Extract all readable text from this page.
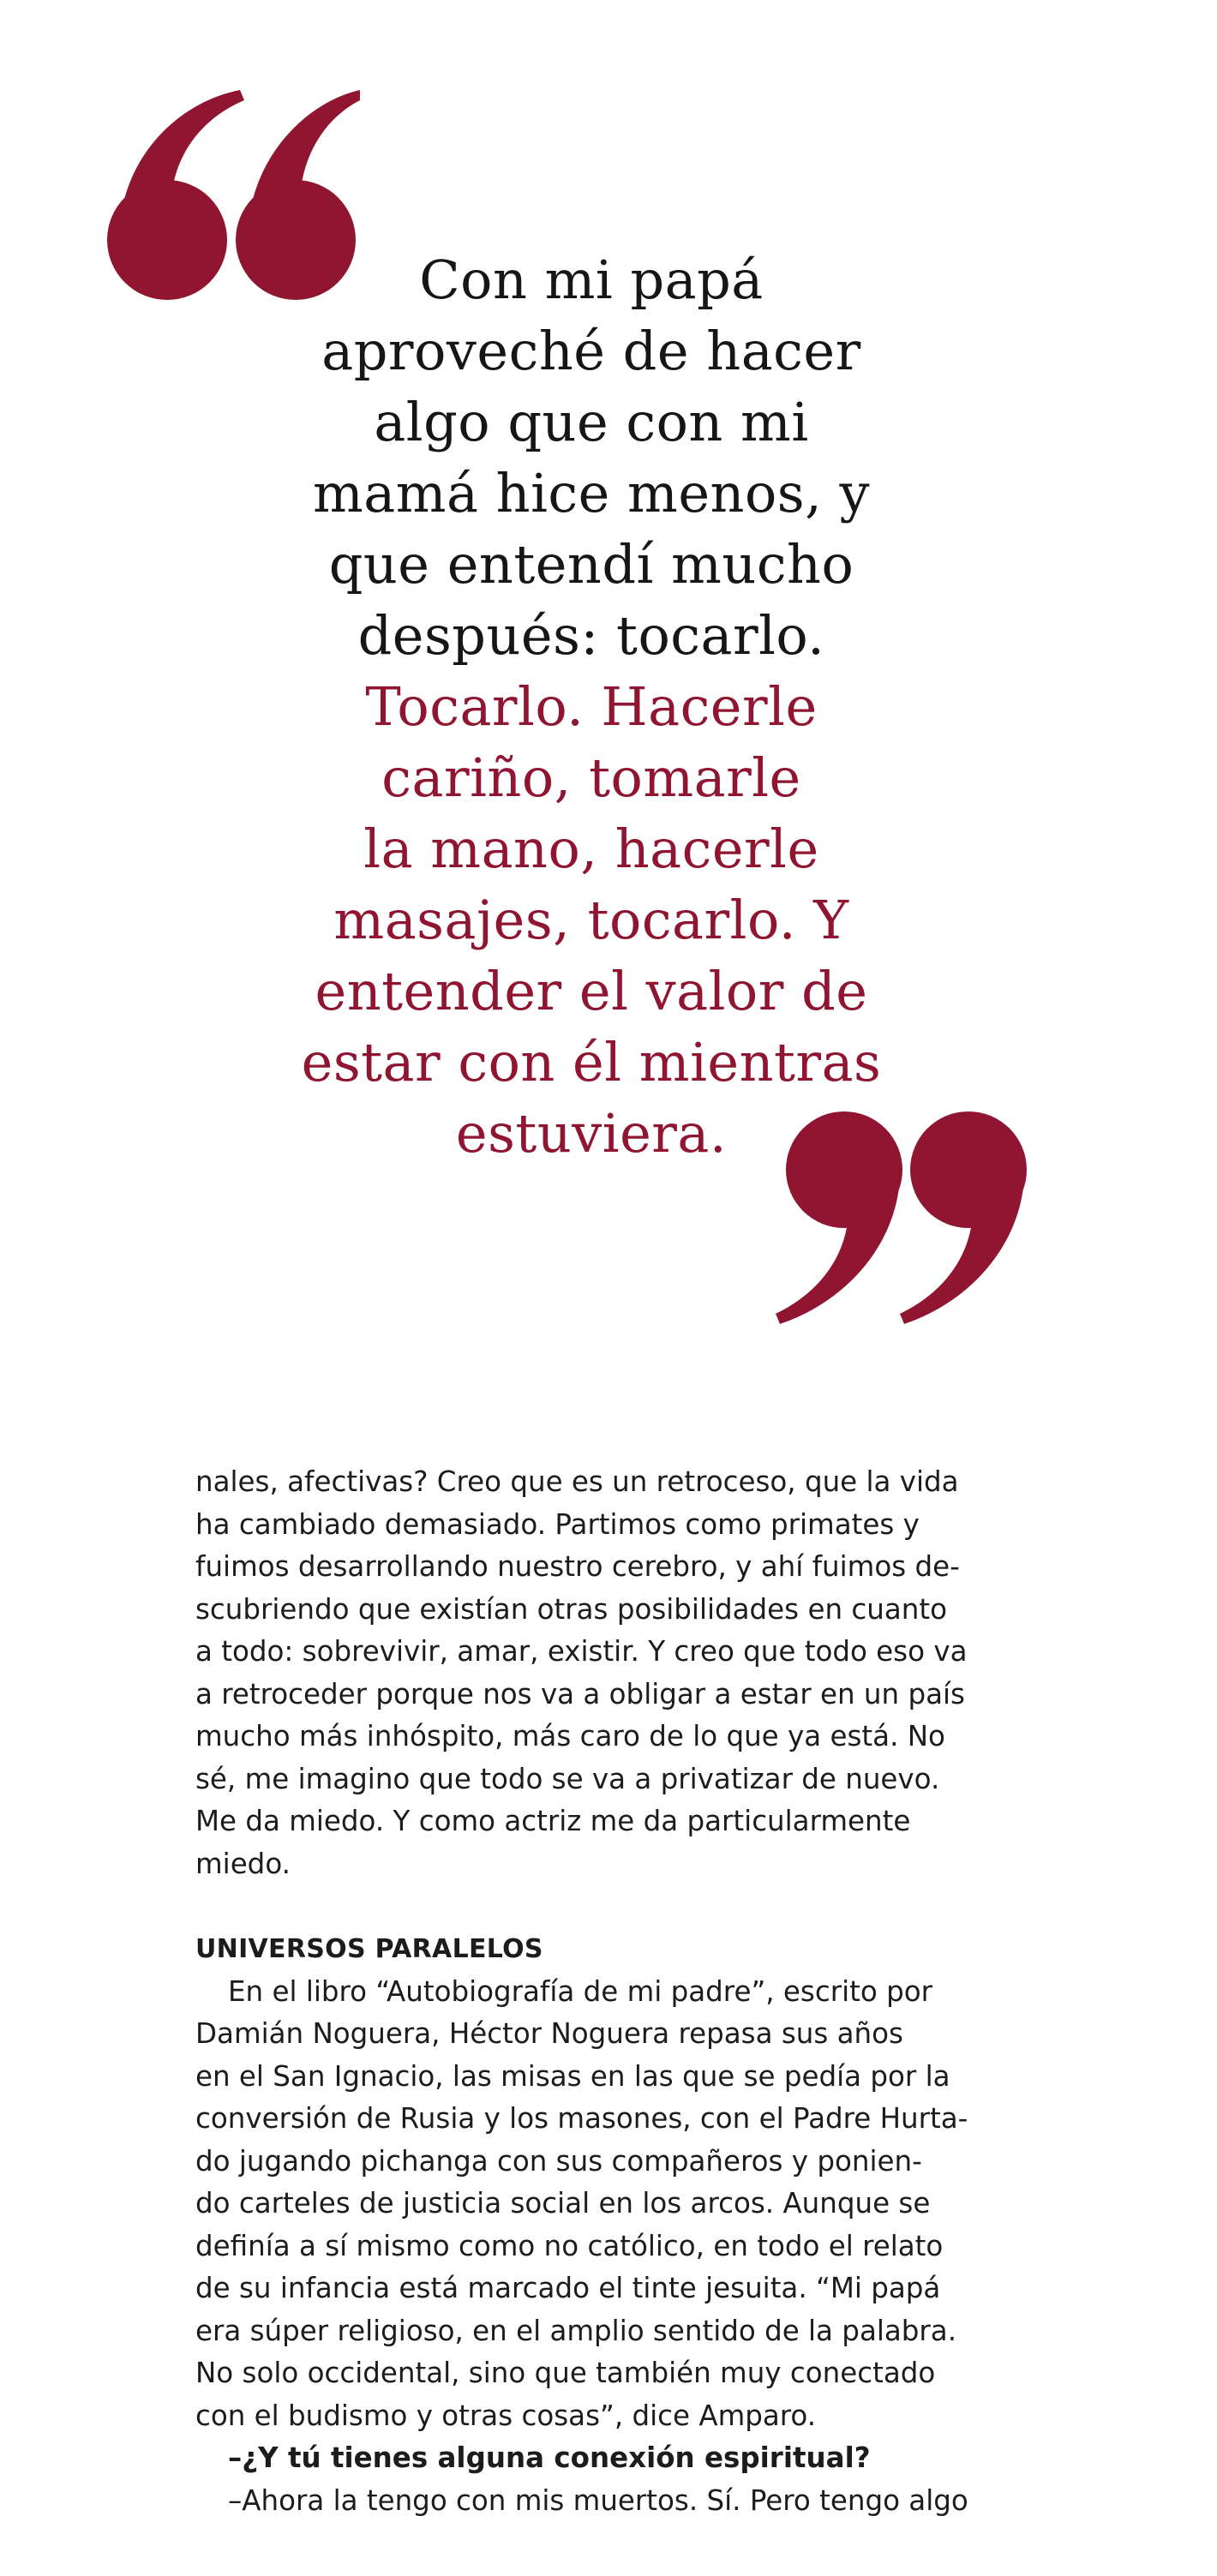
Con mi papá
aproveché de hacer
algo que con mi
mamá hice menos, y
que entendí mucho
después: tocarlo.
Tocarlo. Hacerle
cariño, tomarle
la mano, hacerle
masajes, tocarlo. Y
entender el valor de
estar con él mientras
estuviera.
nales, afectivas? Creo que es un retroceso, que la vida
ha cambiado demasiado. Partimos como primates y
fuimos desarrollando nuestro cerebro, y ahí fuimos de-
scubriendo que existían otras posibilidades en cuanto
a todo: sobrevivir, amar, existir. Y creo que todo eso va
a retroceder porque nos va a obligar a estar en un país
mucho más inhóspito, más caro de lo que ya está. No
sé, me imagino que todo se va a privatizar de nuevo.
Me da miedo. Y como actriz me da particularmente
miedo.
UNIVERSOS PARALELOS
En el libro “Autobiografía de mi padre”, escrito por
Damián Noguera, Héctor Noguera repasa sus años
en el San Ignacio, las misas en las que se pedía por la
conversión de Rusia y los masones, con el Padre Hurta-
do jugando pichanga con sus compañeros y ponien-
do carteles de justicia social en los arcos. Aunque se
definía a sí mismo como no católico, en todo el relato
de su infancia está marcado el tinte jesuita. “Mi papá
era súper religioso, en el amplio sentido de la palabra.
No solo occidental, sino que también muy conectado
con el budismo y otras cosas”, dice Amparo.
–¿Y tú tienes alguna conexión espiritual?
–Ahora la tengo con mis muertos. Sí. Pero tengo algo
